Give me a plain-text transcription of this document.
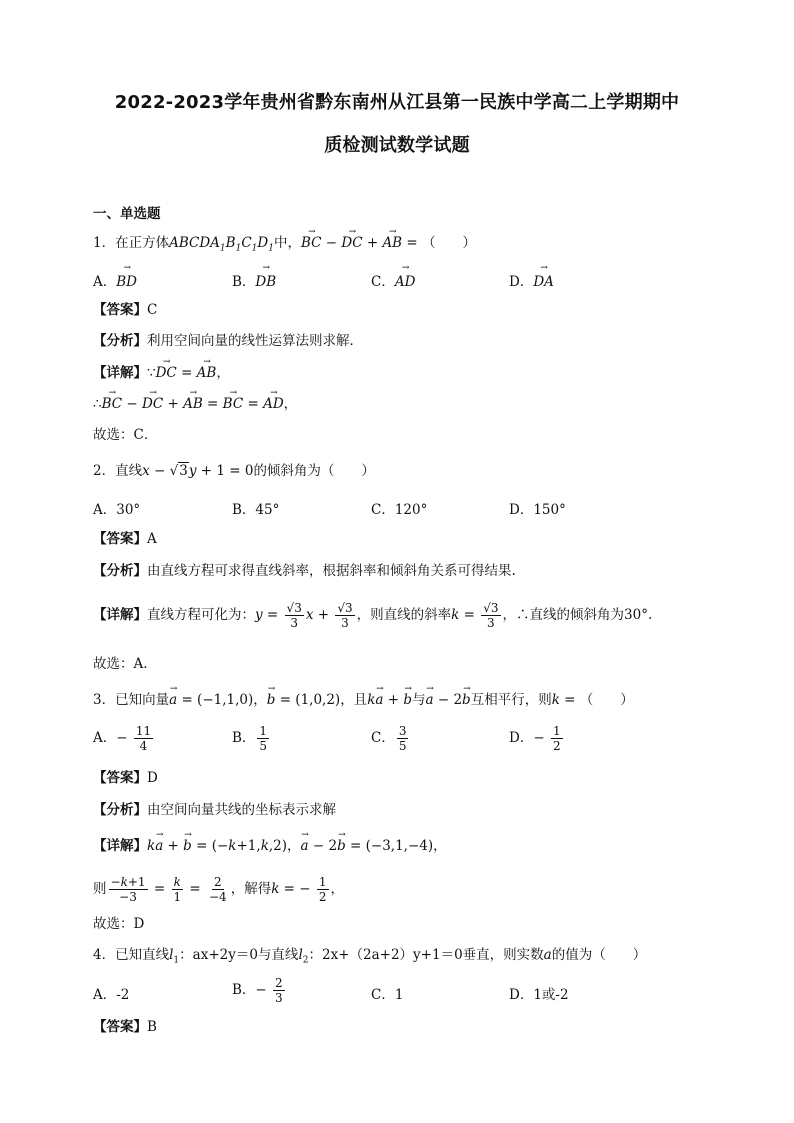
2022-2023学年贵州省黔东南州从江县第一民族中学高二上学期期中
质检测试数学试题
一、单选题
1．在正方体$ABCDA_1B_1C_1D_1$中，→ BC − → DC + → AB = （　　）
A．→ BD	B．→ DB	C．→ AD	D．→ DA
【答案】C
【分析】利用空间向量的线性运算法则求解．
【详解】∵→ DC = → AB，
∴→ BC − → DC + → AB = → BC = → AD，
故选：C．
2．直线x − √3y + 1 = 0的倾斜角为（　　）
A．30°	B．45°	C．120°	D．150°
【答案】A
【分析】由直线方程可求得直线斜率，根据斜率和倾斜角关系可得结果.
【详解】直线方程可化为：$y = \frac{√3}{3}$ $x + \frac{√3}{3}$ ，则直线的斜率$k = \frac{√3}{3}$ ，∴直线的倾斜角为30°.
故选：A.
3．已知向量→ a = (−1,1,0)，→ b = (1,0,2)，且k→ a + → b与→ a − 2→ b互相平行，则k = （　　）
A．− $\frac{11}{4}$	B． $\frac{1}{5}$	C． $\frac{3}{5}$	D．− $\frac{1}{2}$
【答案】D
【分析】由空间向量共线的坐标表示求解
【详解】k→ a + → b = (−k+1,k,2)，→ a − 2→ b = (−3,1,−4)，
则 $\frac{-k+1}{-3} = \frac{k}{1} = \frac{2}{-4}$ ，解得k = − $\frac{1}{2}$ ，
故选：D
4．已知直线$l_1$：ax+2y＝0与直线$l_2$：2x+（2a+2）y+1＝0垂直，则实数a的值为（　　）
A．-2	B．− $\frac{2}{3}$	C．1	D．1或-2
【答案】B
